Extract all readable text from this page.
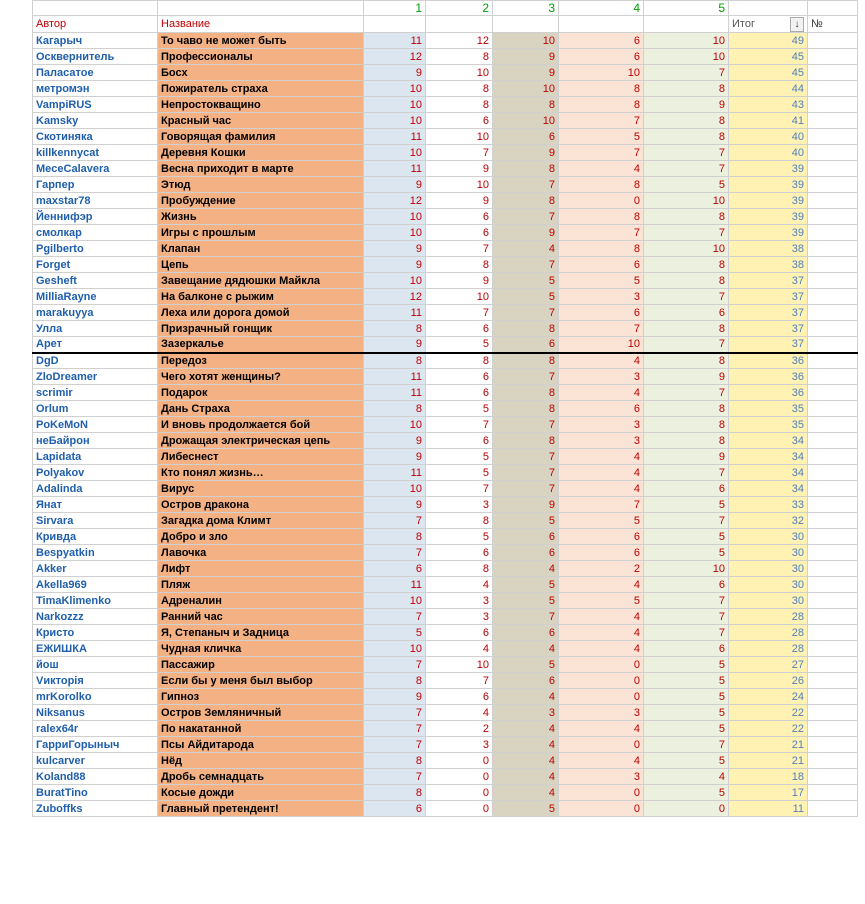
		1	2	3	4	5		
Автор	Название						Итог ↓	№
Кагарыч	То чаво не может быть	11	12	10	6	10	49	
Осквернитель	Профессионалы	12	8	9	6	10	45	
Паласатое	Босх	9	10	9	10	7	45	
метромэн	Пожиратель страха	10	8	10	8	8	44	
VampiRUS	Непростокващино	10	8	8	8	9	43	
Kamsky	Красный час	10	6	10	7	8	41	
Скотиняка	Говорящая фамилия	11	10	6	5	8	40	
killkennycat	Деревня Кошки	10	7	9	7	7	40	
MeceCalavera	Весна приходит в марте	11	9	8	4	7	39	
Гарпер	Этюд	9	10	7	8	5	39	
maxstar78	Пробуждение	12	9	8	0	10	39	
Йеннифэр	Жизнь	10	6	7	8	8	39	
смолкар	Игры с прошлым	10	6	9	7	7	39	
Pgilberto	Клапан	9	7	4	8	10	38	
Forget	Цепь	9	8	7	6	8	38	
Gesheft	Завещание дядюшки Майкла	10	9	5	5	8	37	
MilliaRayne	На балконе с рыжим	12	10	5	3	7	37	
marakuyya	Леха или дорога домой	11	7	7	6	6	37	
Улла	Призрачный гонщик	8	6	8	7	8	37	
Арет	Зазеркалье	9	5	6	10	7	37	
DgD	Передоз	8	8	8	4	8	36	
ZloDreamer	Чего хотят женщины?	11	6	7	3	9	36	
scrimir	Подарок	11	6	8	4	7	36	
Orlum	Дань Страха	8	5	8	6	8	35	
PoKeMoN	И вновь продолжается бой	10	7	7	3	8	35	
неБайрон	Дрожащая электрическая цепь	9	6	8	3	8	34	
Lapidata	Либеснест	9	5	7	4	9	34	
Polyakov	Кто понял жизнь…	11	5	7	4	7	34	
Adalinda	Вирус	10	7	7	4	6	34	
Янат	Остров дракона	9	3	9	7	5	33	
Sirvara	Загадка дома Климт	7	8	5	5	7	32	
Кривда	Добро и зло	8	5	6	6	5	30	
Bespyatkin	Лавочка	7	6	6	6	5	30	
Akker	Лифт	6	8	4	2	10	30	
Akella969	Пляж	11	4	5	4	6	30	
TimaKlimenko	Адреналин	10	3	5	5	7	30	
Narkozzz	Ранний час	7	3	7	4	7	28	
Кристо	Я, Степаныч и Задница	5	6	6	4	7	28	
ЕЖИШКА	Чудная кличка	10	4	4	4	6	28	
йош	Пассажир	7	10	5	0	5	27	
Vиктоpiя	Если бы у меня был выбор	8	7	6	0	5	26	
mrKorolko	Гипноз	9	6	4	0	5	24	
Niksanus	Остров Земляничный	7	4	3	3	5	22	
ralex64r	По накатанной	7	2	4	4	5	22	
ГарриГорыныч	Псы Айдитарода	7	3	4	0	7	21	
kulcarver	Нёд	8	0	4	4	5	21	
Koland88	Дробь семнадцать	7	0	4	3	4	18	
BuratTino	Косые дожди	8	0	4	0	5	17	
Zuboffks	Главный претендент!	6	0	5	0	0	11	
